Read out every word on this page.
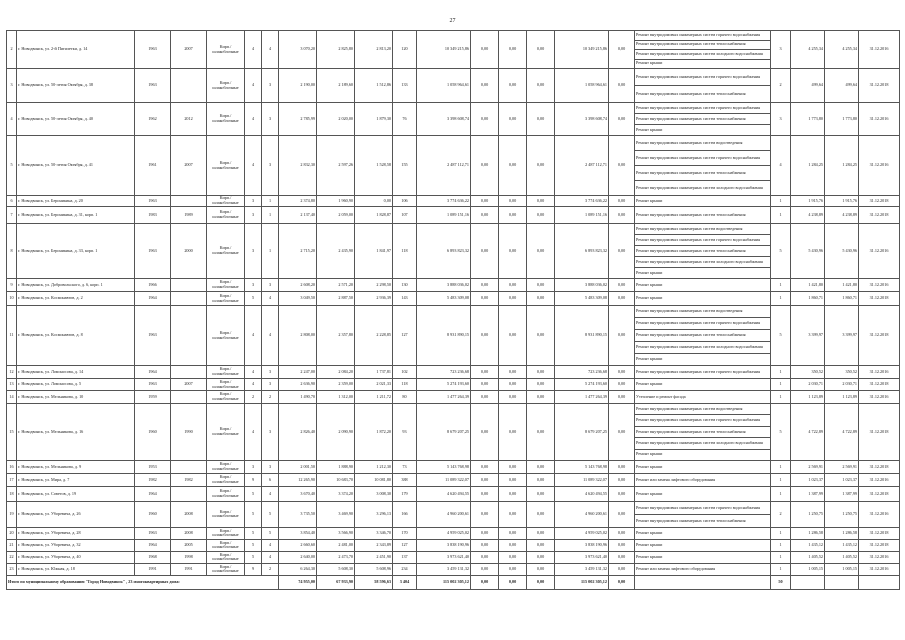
27
2	г. Новодвинск, ул. 2-й Пятилетки, д. 14	1963	2007	Кирп./ шлакоблочные	4	4	3 070,20	2 825,80	2 813,20	120	10 349 215,86	0,00	0,00	0,00	10 349 215,86	0,00	Ремонт внутридомовых инженерных систем горячего водоснабжения
Ремонт внутридомовых инженерных систем теплоснабжения
Ремонт внутридомовых инженерных систем холодного водоснабжения
Ремонт крыши	3	4 255,34	4 255,34	31.12.2016
3	г. Новодвинск, ул. 50-летия Октября, д. 38	1963		Кирп./ шлакоблочные	4	3	2 190,00	2 189,60	1 512,86	133	1 058 964,61	0,00	0,00	0,00	1 058 964,61	0,00	Ремонт внутридомовых инженерных систем горячего водоснабжения
Ремонт внутридомовых инженерных систем теплоснабжения	2	499,64	499,64	31.12.2018
4	г. Новодвинск, ул. 50-летия Октября, д. 40	1962	2012	Кирп./ шлакоблочные	4	3	2 785,99	2 020,00	1 879,30	76	3 398 608,74	0,00	0,00	0,00	3 398 608,74	0,00	Ремонт внутридомовых инженерных систем горячего водоснабжения
Ремонт внутридомовых инженерных систем теплоснабжения
Ремонт крыши	3	1 773,80	1 773,80	31.12.2016
5	г. Новодвинск, ул. 50-летия Октября, д. 41	1961	2007	Кирп./ шлакоблочные	4	3	2 832,30	2 597,26	1 528,58	155	2 487 112,71	0,00	0,00	0,00	2 487 112,71	0,00	Ремонт внутридомовых инженерных систем водоотведения
Ремонт внутридомовых инженерных систем горячего водоснабжения
Ремонт внутридомовых инженерных систем теплоснабжения
Ремонт внутридомовых инженерных систем холодного водоснабжения	4	1 284,25	1 284,25	31.12.2016
6	г. Новодвинск, ул. Бероникина, д. 20	1963		Кирп./ шлакоблочные	3	1	2 374,80	1 960,90	0,00	106	3 774 636,22	0,00	0,00	0,00	3 774 636,22	0,00	Ремонт крыши	1	1 915,76	1 915,76	31.12.2018
7	г. Новодвинск, ул. Бероникина, д. 31, корп. 1	1983	1989	Кирп./ шлакоблочные	3	1	2 137,40	2 059,00	1 828,87	107	1 089 151,16	0,00	0,00	0,00	1 089 151,16	0,00	Ремонт внутридомовых инженерных систем теплоснабжения	1	4 238,89	4 238,89	31.12.2018
8	г. Новодвинск, ул. Бероникина, д. 33, корп. 1	1963	2000	Кирп./ шлакоблочные	3	1	2 715,20	2 435,90	1 841,97	118	6 893 823,32	0,00	0,00	0,00	6 893 823,32	0,00	Ремонт внутридомовых инженерных систем водоотведения
Ремонт внутридомовых инженерных систем горячего водоснабжения
Ремонт внутридомовых инженерных систем теплоснабжения
Ремонт внутридомовых инженерных систем холодного водоснабжения
Ремонт крыши	5	5 430,96	5 430,96	31.12.2016
9	г. Новодвинск, ул. Добровольского, д. 6, корп. 1	1966		Кирп./ шлакоблочные	3	3	2 608,20	2 571,20	2 298,50	130	3 888 036,02	0,00	0,00	0,00	3 888 036,02	0,00	Ремонт крыши	1	1 421,80	1 421,80	31.12.2016
10	г. Новодвинск, ул. Космонавтов, д. 2	1964		Кирп./ шлакоблочные	5	4	3 049,50	2 887,50	2 936,39	143	5 483 309,08	0,00	0,00	0,00	5 483 309,08	0,00	Ремонт крыши	1	1 860,71	1 860,71	31.12.2018
11	г. Новодвинск, ул. Космонавтов, д. 8	1963		Кирп./ шлакоблочные	4	4	2 808,00	2 357,80	2 228,85	127	8 931 890,15	0,00	0,00	0,00	8 931 890,15	0,00	Ремонт внутридомовых инженерных систем водоотведения
Ремонт внутридомовых инженерных систем горячего водоснабжения
Ремонт внутридомовых инженерных систем теплоснабжения
Ремонт внутридомовых инженерных систем холодного водоснабжения
Ремонт крыши	5	3 399,97	3 399,97	31.12.2018
12	г. Новодвинск, ул. Ломоносова, д. 14	1964		Кирп./ шлакоблочные	4	3	2 247,00	2 084,20	1 737,81	102	723 236,68	0,00	0,00	0,00	723 236,68	0,00	Ремонт внутридомовых инженерных систем горячего водоснабжения	1	350,52	350,52	31.12.2016
13	г. Новодвинск, ул. Ломоносова, д. 5	1963	2007	Кирп./ шлакоблочные	4	3	2 636,90	2 359,00	2 021,33	118	5 274 193,60	0,00	0,00	0,00	5 274 193,60	0,00	Ремонт крыши	1	2 030,71	2 030,71	31.12.2018
14	г. Новодвинск, ул. Мельникова, д. 10	1959		Кирп./ шлакоблочные	2	2	1 490,70	1 312,00	1 211,72	80	1 477 264,39	0,00	0,00	0,00	1 477 264,39	0,00	Утепление и ремонт фасада	1	1 123,89	1 123,89	31.12.2016
15	г. Новодвинск, ул. Мельникова, д. 16	1960	1990	Кирп./ шлакоблочные	4	3	2 826,40	2 090,90	1 872,20	93	8 679 207,25	0,00	0,00	0,00	8 679 207,25	0,00	Ремонт внутридомовых инженерных систем водоотведения
Ремонт внутридомовых инженерных систем горячего водоснабжения
Ремонт внутридомовых инженерных систем теплоснабжения
Ремонт внутридомовых инженерных систем холодного водоснабжения
Ремонт крыши	5	4 722,89	4 722,89	31.12.2018
16	г. Новодвинск, ул. Мельникова, д. 9	1953		Кирп./ шлакоблочные	3	3	2 001,50	1 888,90	1 212,30	73	5 143 768,98	0,00	0,00	0,00	5 143 768,98	0,00	Ремонт крыши	1	2 569,91	2 569,91	31.12.2018
17	г. Новодвинск, ул. Мира, д. 7	1982	1982	Кирп./ шлакоблочные	9	6	12 265,90	10 683,70	10 081,80	388	11 089 322,07	0,00	0,00	0,00	11 089 322,07	0,00	Ремонт или замена лифтового оборудования	1	1 023,37	1 023,37	31.12.2016
18	г. Новодвинск, ул. Советов, д. 19	1964		Кирп./ шлакоблочные	5	4	3 670,40	3 374,20	3 008,30	179	4 620 494,55	0,00	0,00	0,00	4 620 494,55	0,00	Ремонт крыши	1	1 387,99	1 387,99	31.12.2018
19	г. Новодвинск, ул. Уборевича, д. 26	1960	2008	Кирп./ шлакоблочные	5	5	3 735,50	3 469,90	3 296,13	166	4 960 200,61	0,00	0,00	0,00	4 960 200,61	0,00	Ремонт внутридомовых инженерных систем горячего водоснабжения
Ремонт внутридомовых инженерных систем теплоснабжения	2	1 250,75	1 250,75	31.12.2016
20	г. Новодвинск, ул. Уборевича, д. 28	1963	2008	Кирп./ шлакоблочные	5	5	3 854,40	3 566,90	3 346,70	170	4 959 025,02	0,00	0,00	0,00	4 959 025,02	0,00	Ремонт крыши	1	1 286,58	1 286,58	31.12.2018
21	г. Новодвинск, ул. Уборевича, д. 32	1964	2005	Кирп./ шлакоблочные	5	4	2 660,60	2 481,00	2 343,89	127	3 838 190,96	0,00	0,00	0,00	3 838 190,96	0,00	Ремонт крыши	1	1 435,12	1 435,12	31.12.2018
22	г. Новодвинск, ул. Уборевича, д. 40	1968	1998	Кирп./ шлакоблочные	5	4	2 640,00	2 473,70	2 451,90	137	3 973 621,40	0,00	0,00	0,00	3 973 621,40	0,00	Ремонт крыши	1	1 405,52	1 405,52	31.12.2016
23	г. Новодвинск, ул. Южная, д. 18	1991	1991	Кирп./ шлакоблочные	9	2	6 264,30	5 608,30	5 608,96	234	3 459 131,32	0,00	0,00	0,00	3 459 131,32	0,00	Ремонт или замена лифтового оборудования	1	1 005,15	1 005,15	31.12.2016
Итого по муниципальному образованию "Город Новодвинск" , 23 многоквартирных дома:							74 955,00	67 933,90	58 596,63	3 404	115 002 305,12	0,00	0,00	0,00	115 002 305,12	0,00		50			
